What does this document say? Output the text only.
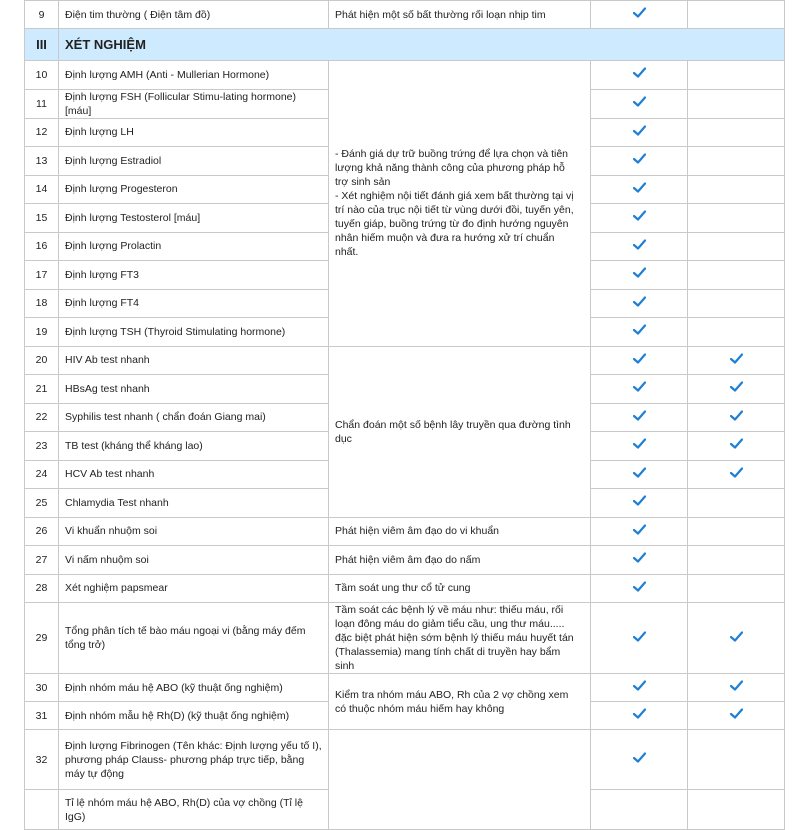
9	Điện tim thường ( Điện tâm đồ)	Phát hiện một số bất thường rối loạn nhịp tim		
III	XÉT NGHIỆM			
10	Định lượng AMH (Anti - Mullerian Hormone)	- Đánh giá dự trữ buồng trứng để lựa chọn và tiên lượng khả năng thành công của phương pháp hỗ trợ sinh sản
- Xét nghiệm nội tiết đánh giá xem bất thường tại vị trí nào của trục nội tiết từ vùng dưới đồi, tuyến yên, tuyến giáp, buồng trứng từ đo định hướng nguyên nhân hiếm muộn và đưa ra hướng xử trí chuẩn nhất.		
11	Định lượng FSH (Follicular Stimu-lating hormone) [máu]		
12	Định lượng LH		
13	Định lượng Estradiol		
14	Định lượng Progesteron		
15	Định lượng Testosterol [máu]		
16	Định lượng Prolactin		
17	Định lượng FT3		
18	Định lượng FT4		
19	Định lượng TSH (Thyroid Stimulating hormone)		
20	HIV Ab test nhanh	Chẩn đoán một số bệnh lây truyền qua đường tình dục		
21	HBsAg test nhanh		
22	Syphilis test nhanh ( chẩn đoán Giang mai)		
23	TB test (kháng thể kháng lao)		
24	HCV Ab test nhanh		
25	Chlamydia Test nhanh		
26	Vi khuẩn nhuộm soi	Phát hiện viêm âm đạo do vi khuẩn		
27	Vi nấm nhuộm soi	Phát hiện viêm âm đạo do nấm		
28	Xét nghiệm papsmear	Tầm soát ung thư cổ tử cung		
29	Tổng phân tích tế bào máu ngoại vi (bằng máy đếm tổng trở)	Tầm soát các bệnh lý về máu như: thiếu máu, rối loạn đông máu do giảm tiểu cầu, ung thư máu..... đặc biệt phát hiện sớm bệnh lý thiếu máu huyết tán (Thalassemia) mang tính chất di truyền hay bẩm sinh		
30	Định nhóm máu hệ ABO (kỹ thuật ống nghiệm)	Kiểm tra nhóm máu ABO, Rh của 2 vợ chồng xem có thuộc nhóm máu hiếm hay không		
31	Định nhóm mẫu hệ Rh(D) (kỹ thuật ống nghiệm)		
32	Định lượng Fibrinogen (Tên khác: Định lượng yếu tố I), phương pháp Clauss- phương pháp trực tiếp, bằng máy tự động			
	Tỉ lệ nhóm máu hệ ABO, Rh(D) của vợ chồng (Tỉ lệ IgG)			
